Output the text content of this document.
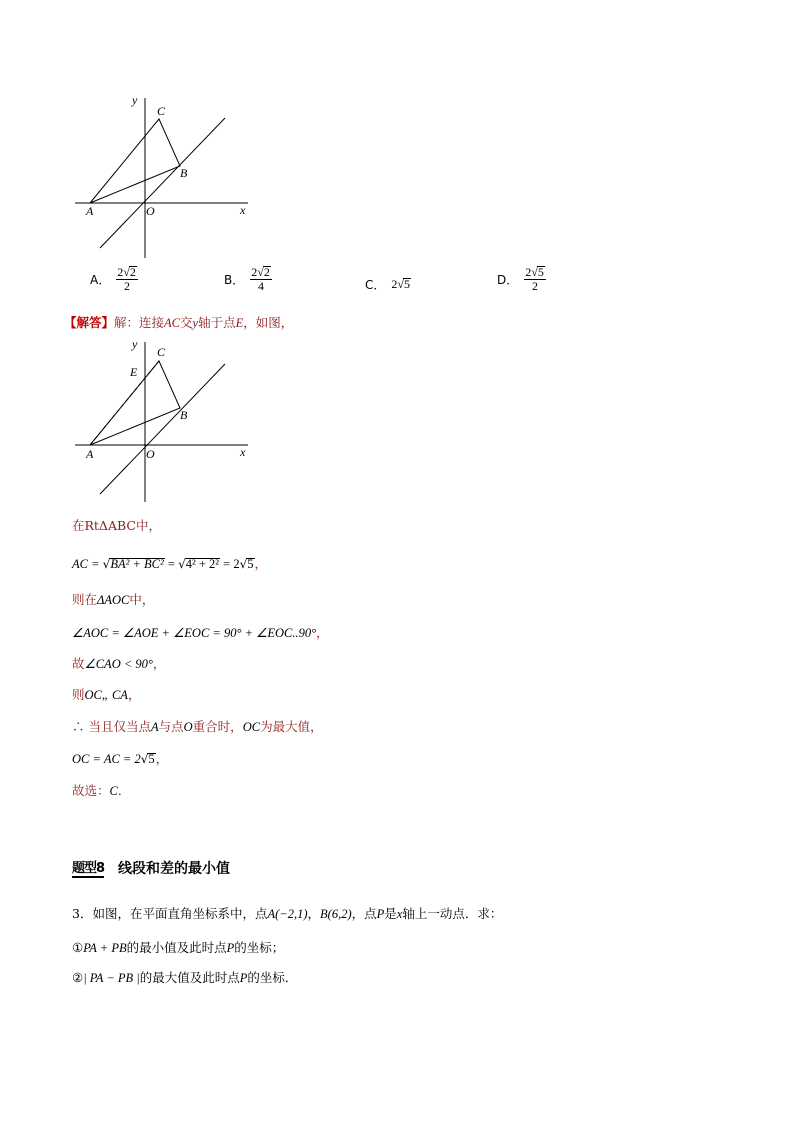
y
x
C
B
A	O
A． $\frac{2√2}{2}$	B． $\frac{2√2}{4}$	C． 2√5	D． $\frac{2√5}{2}$
【解答】解：连接AC交y轴于点E，如图，
y
x
C
E
B
A	O
在RtΔABC中，
AC = √BA² + BC² = √4² + 2² = 2√5，
则在ΔAOC中，
∠AOC = ∠AOE + ∠EOC = 90° + ∠EOC..90°，
故∠CAO < 90°，
则OC„ CA，
∴ 当且仅当点A与点O重合时，OC为最大值，
OC = AC = 2√5，
故选：C．
题型8 线段和差的最小值
3．如图，在平面直角坐标系中，点A(−2,1)，B(6,2)，点P是x轴上一动点．求：
①PA + PB的最小值及此时点P的坐标；
②| PA − PB |的最大值及此时点P的坐标．
